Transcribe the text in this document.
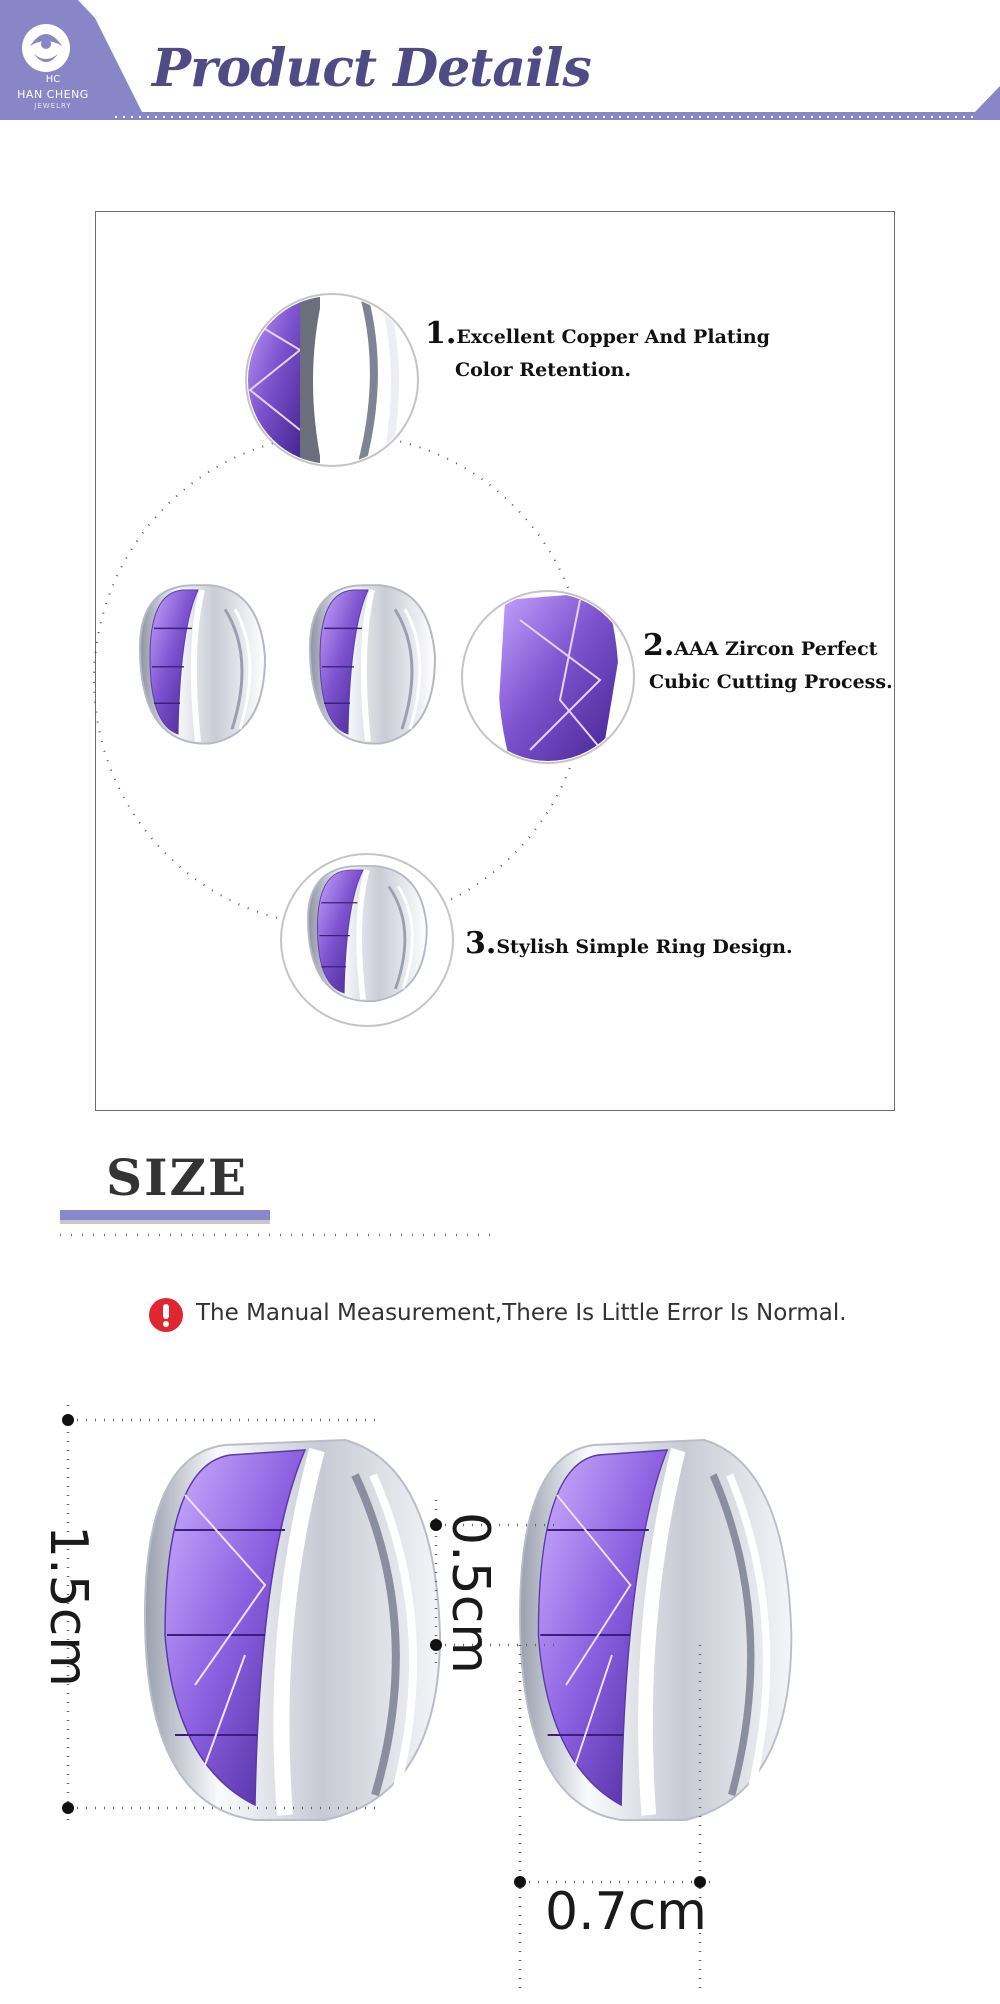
HC
HAN CHENG
JEWELRY
Product Details
1.Excellent Copper And Plating
Color Retention.
2.AAA Zircon Perfect
Cubic Cutting Process.
3.Stylish Simple Ring Design.
SIZE
The Manual Measurement,There Is Little Error Is Normal.
1.5cm	0.5cm
0.7cm
